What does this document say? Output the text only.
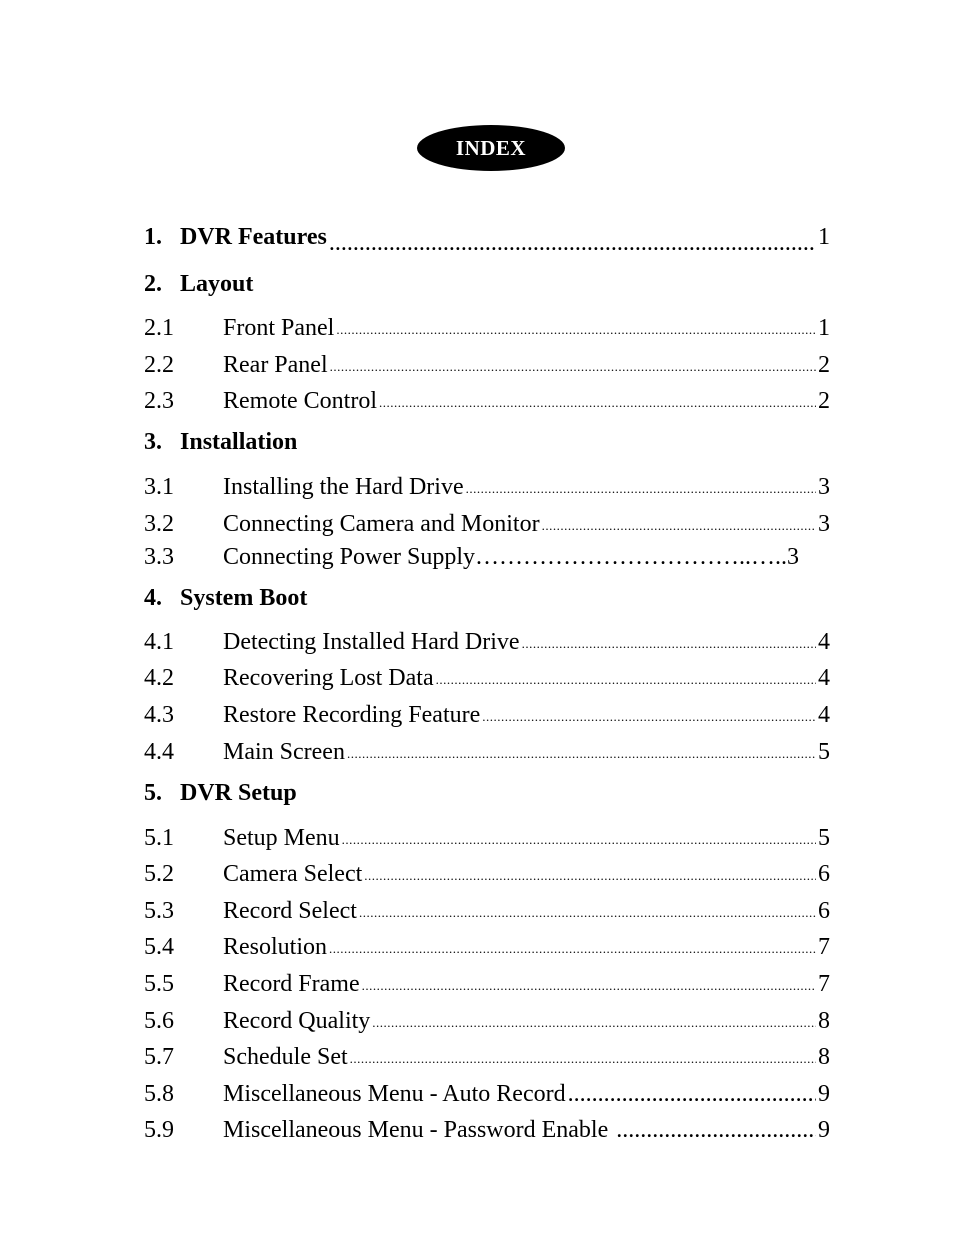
INDEX
1. DVR Features .....	1
2. Layout
2.1	Front Panel .....	1
2.2	Rear Panel .....	2
2.3	Remote Control .....	2
3. Installation
3.1	Installing the Hard Drive .....	3
3.2	Connecting Camera and Monitor .....	3
3.3	Connecting Power Supply……………………………..…..3
4. System Boot
4.1	Detecting Installed Hard Drive .....	4
4.2	Recovering Lost Data .....	4
4.3	Restore Recording Feature .....	4
4.4	Main Screen .....	5
5. DVR Setup
5.1	Setup Menu .....	5
5.2	Camera Select .....	6
5.3	Record Select .....	6
5.4	Resolution .....	7
5.5	Record Frame .....	7
5.6	Record Quality .....	8
5.7	Schedule Set .....	8
5.8	Miscellaneous Menu - Auto Record .....	9
5.9	Miscellaneous Menu - Password Enable .....	9
